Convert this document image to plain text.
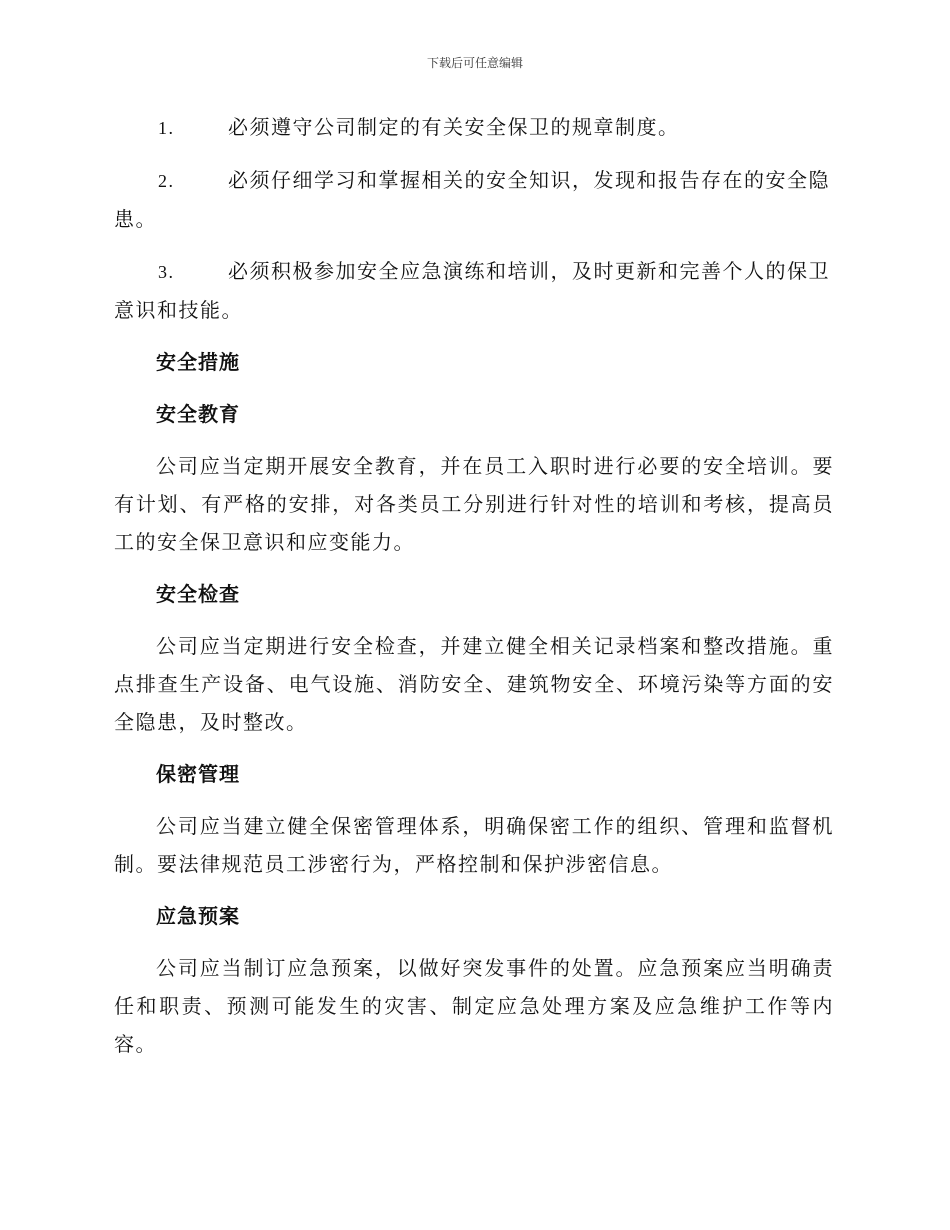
下载后可任意编辑

1.	必须遵守公司制定的有关安全保卫的规章制度。

2.	必须仔细学习和掌握相关的安全知识，发现和报告存在的安全隐患。

3.	必须积极参加安全应急演练和培训，及时更新和完善个人的保卫意识和技能。

安全措施

安全教育

公司应当定期开展安全教育，并在员工入职时进行必要的安全培训。要有计划、有严格的安排，对各类员工分别进行针对性的培训和考核，提高员工的安全保卫意识和应变能力。

安全检查

公司应当定期进行安全检查，并建立健全相关记录档案和整改措施。重点排查生产设备、电气设施、消防安全、建筑物安全、环境污染等方面的安全隐患，及时整改。

保密管理

公司应当建立健全保密管理体系，明确保密工作的组织、管理和监督机制。要法律规范员工涉密行为，严格控制和保护涉密信息。

应急预案

公司应当制订应急预案，以做好突发事件的处置。应急预案应当明确责任和职责、预测可能发生的灾害、制定应急处理方案及应急维护工作等内容。
